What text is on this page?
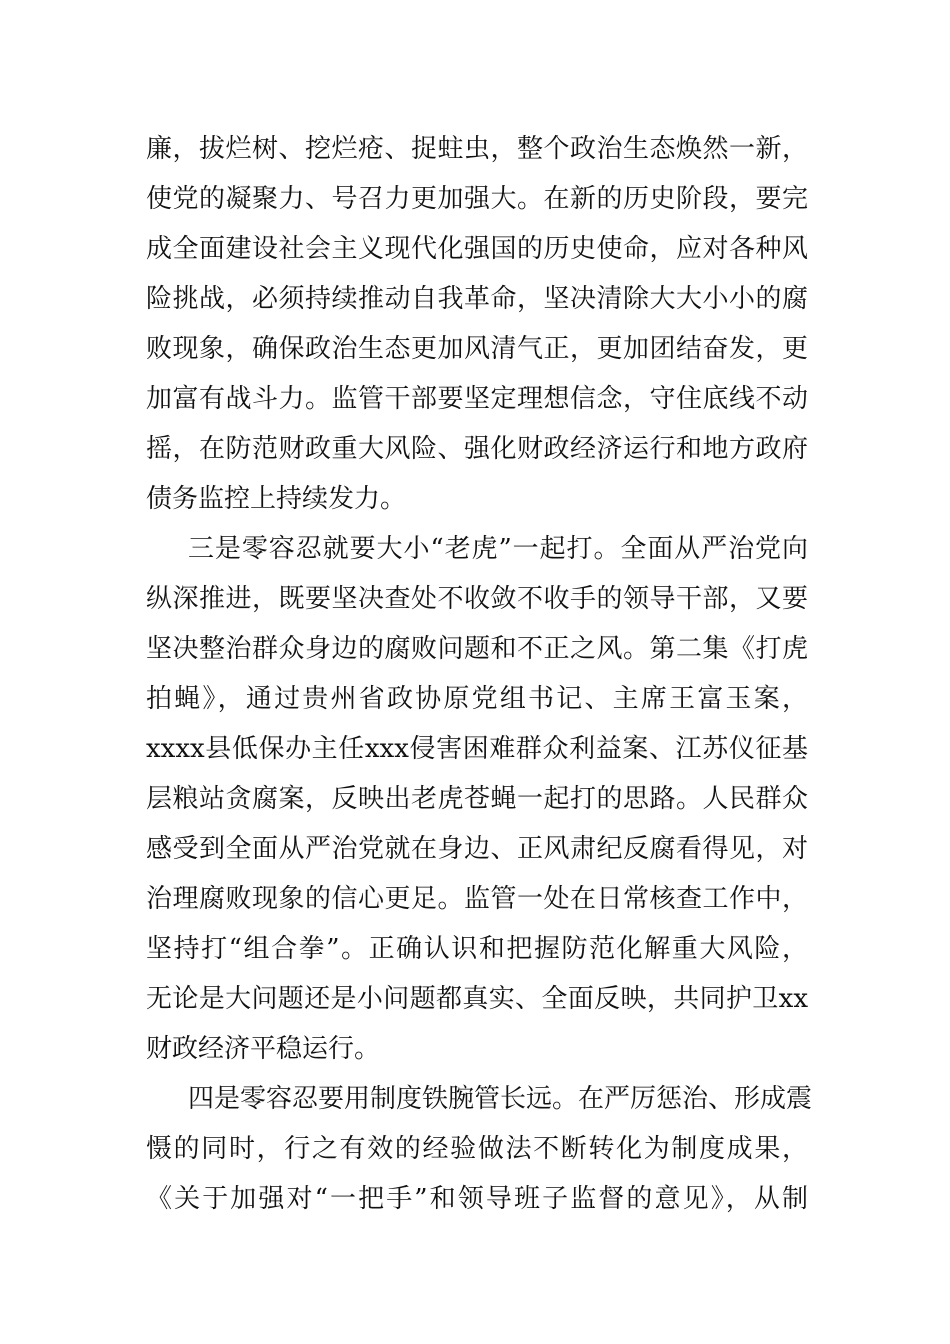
廉，拔烂树、挖烂疮、捉蛀虫，整个政治生态焕然一新，
使党的凝聚力、号召力更加强大。在新的历史阶段，要完
成全面建设社会主义现代化强国的历史使命，应对各种风
险挑战，必须持续推动自我革命，坚决清除大大小小的腐
败现象，确保政治生态更加风清气正，更加团结奋发，更
加富有战斗力。监管干部要坚定理想信念，守住底线不动
摇，在防范财政重大风险、强化财政经济运行和地方政府
债务监控上持续发力。
三是零容忍就要大小“老虎”一起打。全面从严治党向
纵深推进，既要坚决查处不收敛不收手的领导干部，又要
坚决整治群众身边的腐败问题和不正之风。第二集《打虎
拍蝇》，通过贵州省政协原党组书记、主席王富玉案，
xxxx县低保办主任xxx侵害困难群众利益案、江苏仪征基
层粮站贪腐案，反映出老虎苍蝇一起打的思路。人民群众
感受到全面从严治党就在身边、正风肃纪反腐看得见，对
治理腐败现象的信心更足。监管一处在日常核查工作中，
坚持打“组合拳”。正确认识和把握防范化解重大风险，
无论是大问题还是小问题都真实、全面反映，共同护卫xx
财政经济平稳运行。
四是零容忍要用制度铁腕管长远。在严厉惩治、形成震
慑的同时，行之有效的经验做法不断转化为制度成果，
《关于加强对“一把手”和领导班子监督的意见》，从制
